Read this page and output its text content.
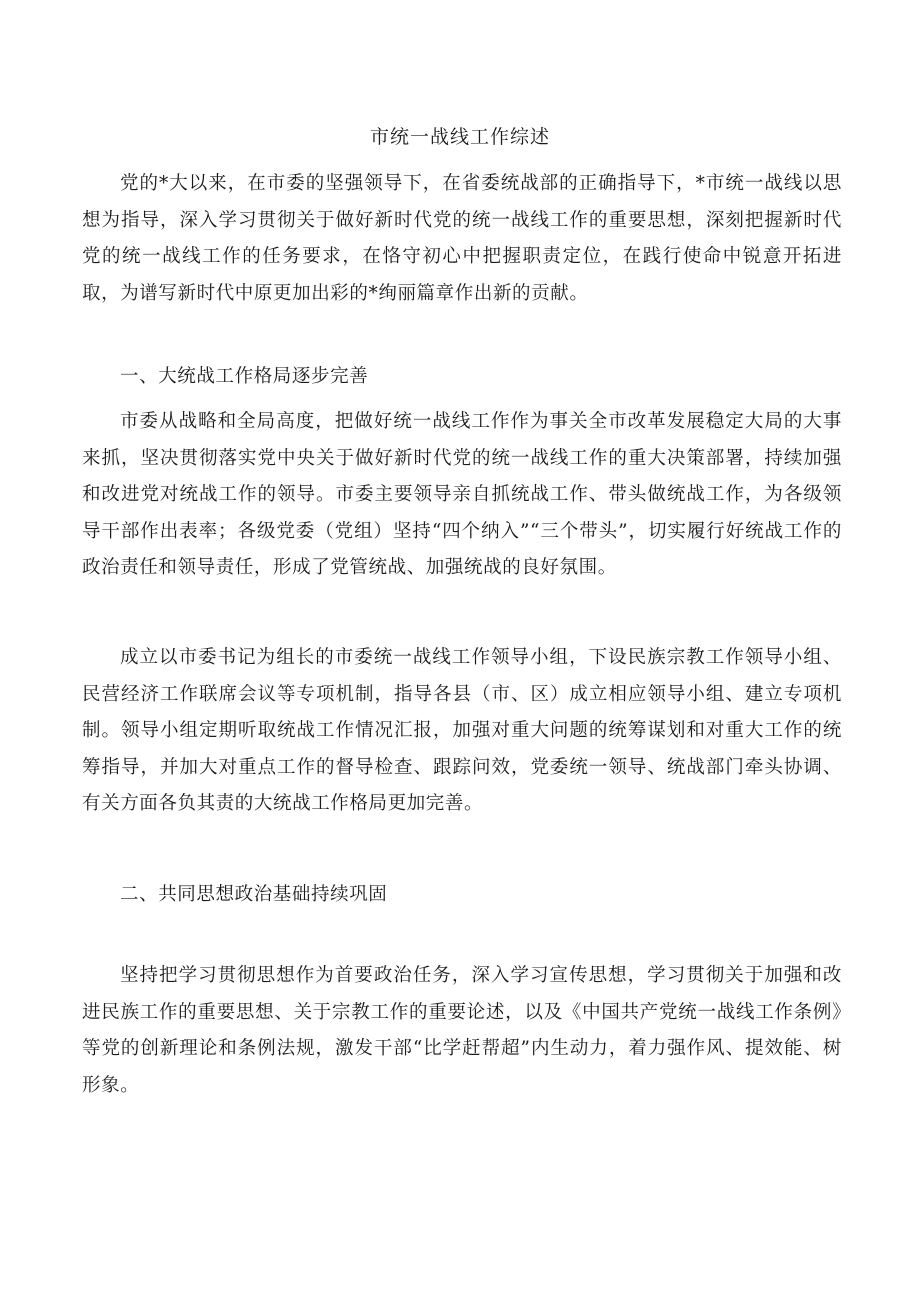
市统一战线工作综述

党的*大以来，在市委的坚强领导下，在省委统战部的正确指导下，*市统一战线以思想为指导，深入学习贯彻关于做好新时代党的统一战线工作的重要思想，深刻把握新时代党的统一战线工作的任务要求，在恪守初心中把握职责定位，在践行使命中锐意开拓进取，为谱写新时代中原更加出彩的*绚丽篇章作出新的贡献。

一、大统战工作格局逐步完善

市委从战略和全局高度，把做好统一战线工作作为事关全市改革发展稳定大局的大事来抓，坚决贯彻落实党中央关于做好新时代党的统一战线工作的重大决策部署，持续加强和改进党对统战工作的领导。市委主要领导亲自抓统战工作、带头做统战工作，为各级领导干部作出表率；各级党委（党组）坚持“四个纳入”“三个带头”，切实履行好统战工作的政治责任和领导责任，形成了党管统战、加强统战的良好氛围。

成立以市委书记为组长的市委统一战线工作领导小组，下设民族宗教工作领导小组、民营经济工作联席会议等专项机制，指导各县（市、区）成立相应领导小组、建立专项机制。领导小组定期听取统战工作情况汇报，加强对重大问题的统筹谋划和对重大工作的统筹指导，并加大对重点工作的督导检查、跟踪问效，党委统一领导、统战部门牵头协调、有关方面各负其责的大统战工作格局更加完善。

二、共同思想政治基础持续巩固

坚持把学习贯彻思想作为首要政治任务，深入学习宣传思想，学习贯彻关于加强和改进民族工作的重要思想、关于宗教工作的重要论述，以及《中国共产党统一战线工作条例》等党的创新理论和条例法规，激发干部“比学赶帮超”内生动力，着力强作风、提效能、树形象。
